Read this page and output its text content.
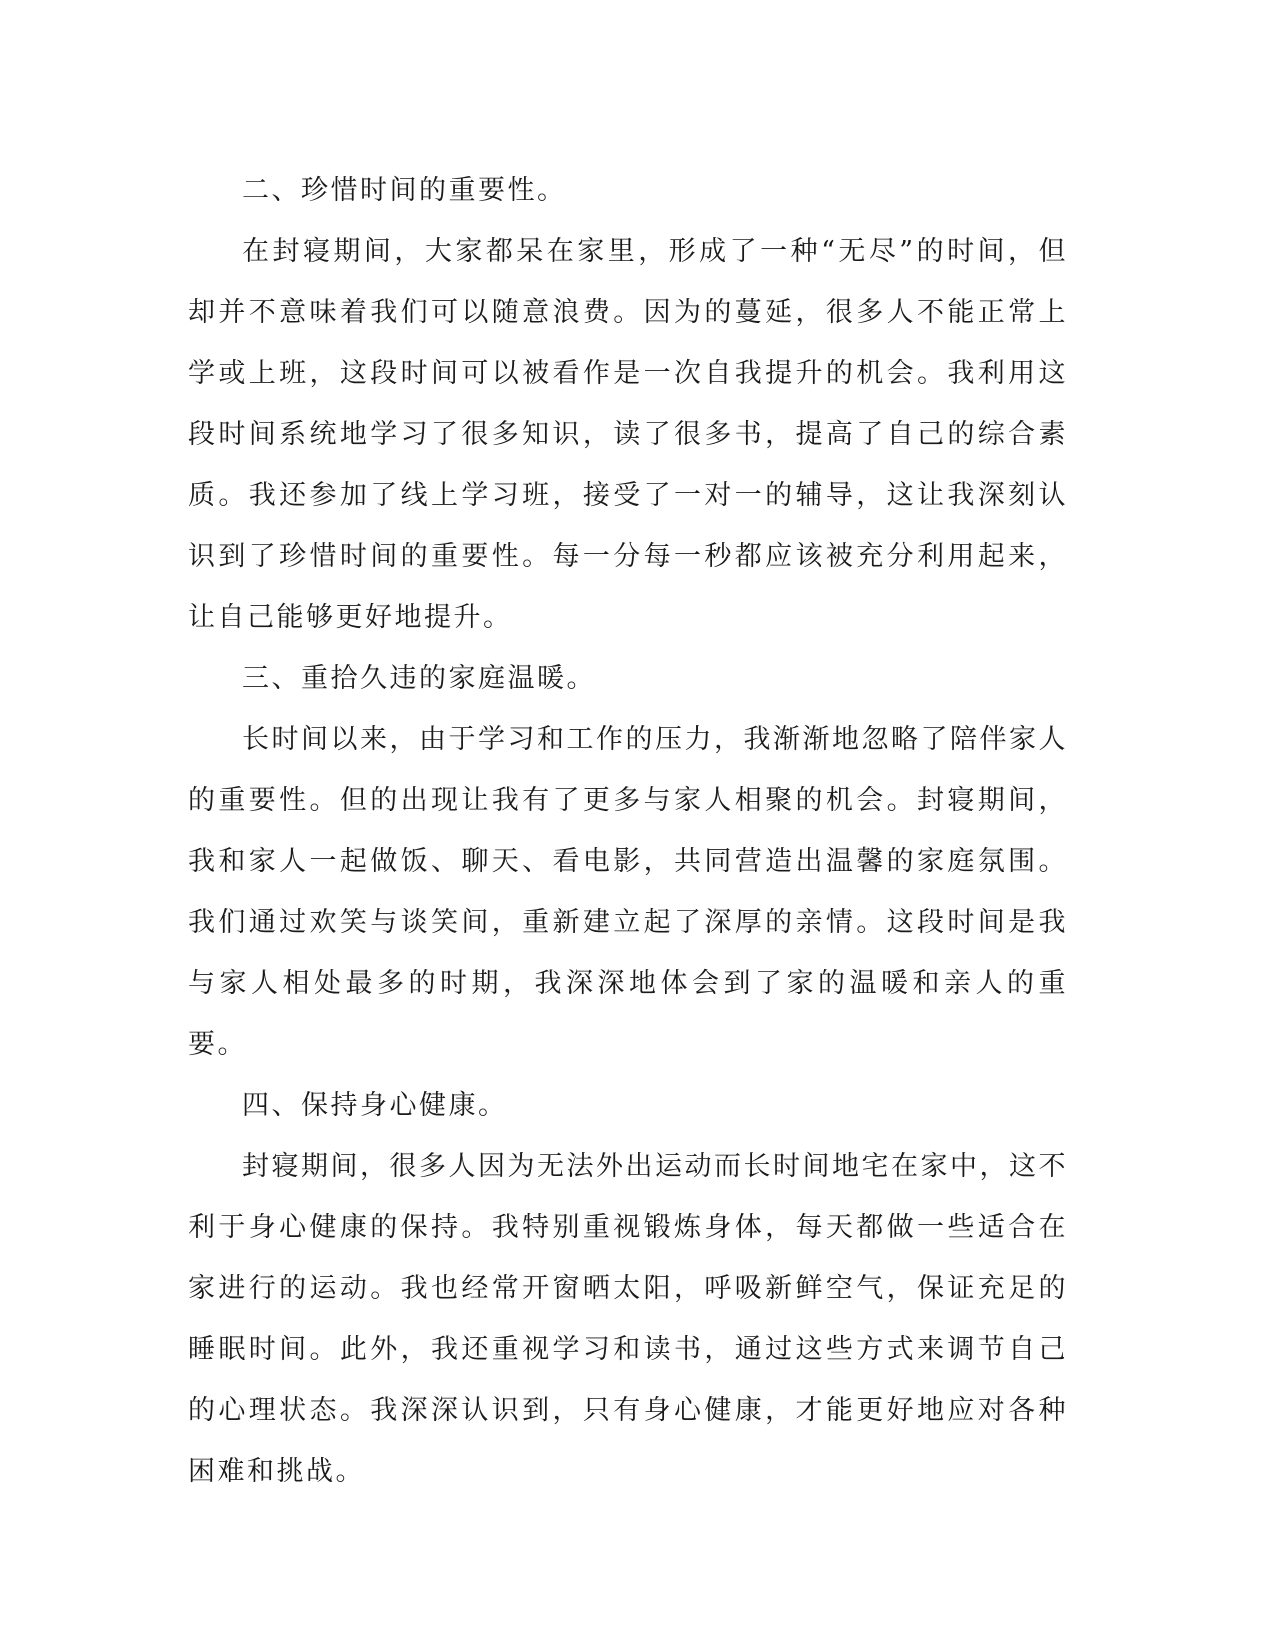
二、珍惜时间的重要性。

在封寝期间，大家都呆在家里，形成了一种“无尽”的时间，但却并不意味着我们可以随意浪费。因为的蔓延，很多人不能正常上学或上班，这段时间可以被看作是一次自我提升的机会。我利用这段时间系统地学习了很多知识，读了很多书，提高了自己的综合素质。我还参加了线上学习班，接受了一对一的辅导，这让我深刻认识到了珍惜时间的重要性。每一分每一秒都应该被充分利用起来，让自己能够更好地提升。

三、重拾久违的家庭温暖。

长时间以来，由于学习和工作的压力，我渐渐地忽略了陪伴家人的重要性。但的出现让我有了更多与家人相聚的机会。封寝期间，我和家人一起做饭、聊天、看电影，共同营造出温馨的家庭氛围。我们通过欢笑与谈笑间，重新建立起了深厚的亲情。这段时间是我与家人相处最多的时期，我深深地体会到了家的温暖和亲人的重要。

四、保持身心健康。

封寝期间，很多人因为无法外出运动而长时间地宅在家中，这不利于身心健康的保持。我特别重视锻炼身体，每天都做一些适合在家进行的运动。我也经常开窗晒太阳，呼吸新鲜空气，保证充足的睡眠时间。此外，我还重视学习和读书，通过这些方式来调节自己的心理状态。我深深认识到，只有身心健康，才能更好地应对各种困难和挑战。
